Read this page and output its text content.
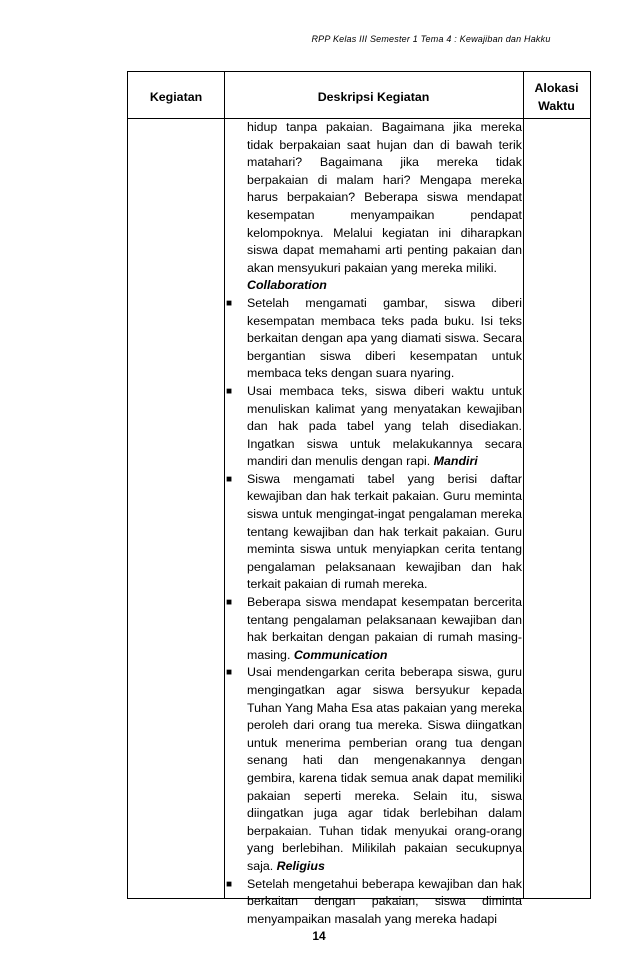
RPP Kelas III Semester 1 Tema 4 : Kewajiban dan Hakku
Kegiatan	Deskripsi Kegiatan
Alokasi
Waktu
hidup tanpa pakaian. Bagaimana jika mereka tidak berpakaian saat hujan dan di bawah terik matahari? Bagaimana jika mereka tidak berpakaian di malam hari? Mengapa mereka harus berpakaian? Beberapa siswa mendapat kesempatan menyampaikan pendapat kelompoknya. Melalui kegiatan ini diharapkan siswa dapat memahami arti penting pakaian dan akan mensyukuri pakaian yang mereka miliki.
Collaboration
■ Setelah mengamati gambar, siswa diberi kesempatan membaca teks pada buku. Isi teks berkaitan dengan apa yang diamati siswa. Secara bergantian siswa diberi kesempatan untuk membaca teks dengan suara nyaring.
■ Usai membaca teks, siswa diberi waktu untuk menuliskan kalimat yang menyatakan kewajiban dan hak pada tabel yang telah disediakan. Ingatkan siswa untuk melakukannya secara mandiri dan menulis dengan rapi. Mandiri
■ Siswa mengamati tabel yang berisi daftar kewajiban dan hak terkait pakaian. Guru meminta siswa untuk mengingat-ingat pengalaman mereka tentang kewajiban dan hak terkait pakaian. Guru meminta siswa untuk menyiapkan cerita tentang pengalaman pelaksanaan kewajiban dan hak terkait pakaian di rumah mereka.
■ Beberapa siswa mendapat kesempatan bercerita tentang pengalaman pelaksanaan kewajiban dan hak berkaitan dengan pakaian di rumah masing-masing. Communication
■ Usai mendengarkan cerita beberapa siswa, guru mengingatkan agar siswa bersyukur kepada Tuhan Yang Maha Esa atas pakaian yang mereka peroleh dari orang tua mereka. Siswa diingatkan untuk menerima pemberian orang tua dengan senang hati dan mengenakannya dengan gembira, karena tidak semua anak dapat memiliki pakaian seperti mereka. Selain itu, siswa diingatkan juga agar tidak berlebihan dalam berpakaian. Tuhan tidak menyukai orang-orang yang berlebihan. Milikilah pakaian secukupnya saja. Religius
■ Setelah mengetahui beberapa kewajiban dan hak berkaitan dengan pakaian, siswa diminta menyampaikan masalah yang mereka hadapi
14
